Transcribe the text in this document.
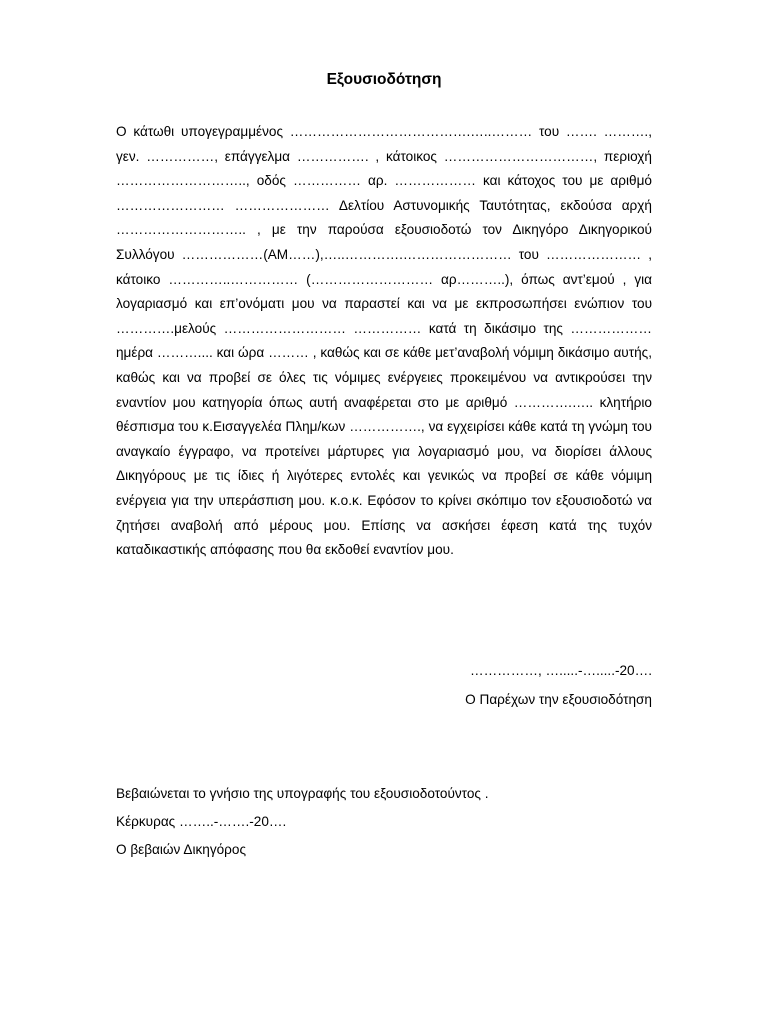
Εξουσιοδότηση

Ο κάτωθι υπογεγραμμένος ………………………………….…..……… του ……. ………., γεν. ……………, επάγγελμα ……………. , κάτοικος ……………………………, περιοχή ……………………….., οδός …………… αρ. ……………… και κάτοχος του με αριθμό …………………… ………………… Δελτίου Αστυνομικής Ταυτότητας, εκδούσα αρχή ……………………….. , με την παρούσα εξουσιοδοτώ τον Δικηγόρο Δικηγορικού Συλλόγου ………………(ΑΜ……),…..………….…………………… του ………………… , κάτοικο …………..…………… (……………………… αρ………..), όπως αντ’εμού , για λογαριασμό και επ’ονόματι μου να παραστεί και να με εκπροσωπήσει ενώπιον του ………….μελούς ……………………… …………… κατά τη δικάσιμο της ……………… ημέρα ……….... και ώρα ……… , καθώς και σε κάθε μετ’αναβολή νόμιμη δικάσιμο αυτής, καθώς και να προβεί σε όλες τις νόμιμες ενέργειες προκειμένου να αντικρούσει την εναντίον μου κατηγορία όπως αυτή αναφέρεται στο με αριθμό ………….….. κλητήριο θέσπισμα του κ.Εισαγγελέα Πλημ/κων ……………., να εγχειρίσει κάθε κατά τη γνώμη του αναγκαίο έγγραφο, να προτείνει μάρτυρες για λογαριασμό μου, να διορίσει άλλους Δικηγόρους με τις ίδιες ή λιγότερες εντολές και γενικώς να προβεί σε κάθε νόμιμη ενέργεια για την υπεράσπιση μου. κ.ο.κ. Εφόσον το κρίνει σκόπιμο τον εξουσιοδοτώ να ζητήσει αναβολή από μέρους μου. Επίσης να ασκήσει έφεση κατά της τυχόν καταδικαστικής απόφασης που θα εκδοθεί εναντίον μου.

……………, ….....-….....-20….
Ο Παρέχων την εξουσιοδότηση
Βεβαιώνεται το γνήσιο της υπογραφής του εξουσιοδοτούντος .
Κέρκυρας ……..-…….-20….
Ο βεβαιών Δικηγόρος
